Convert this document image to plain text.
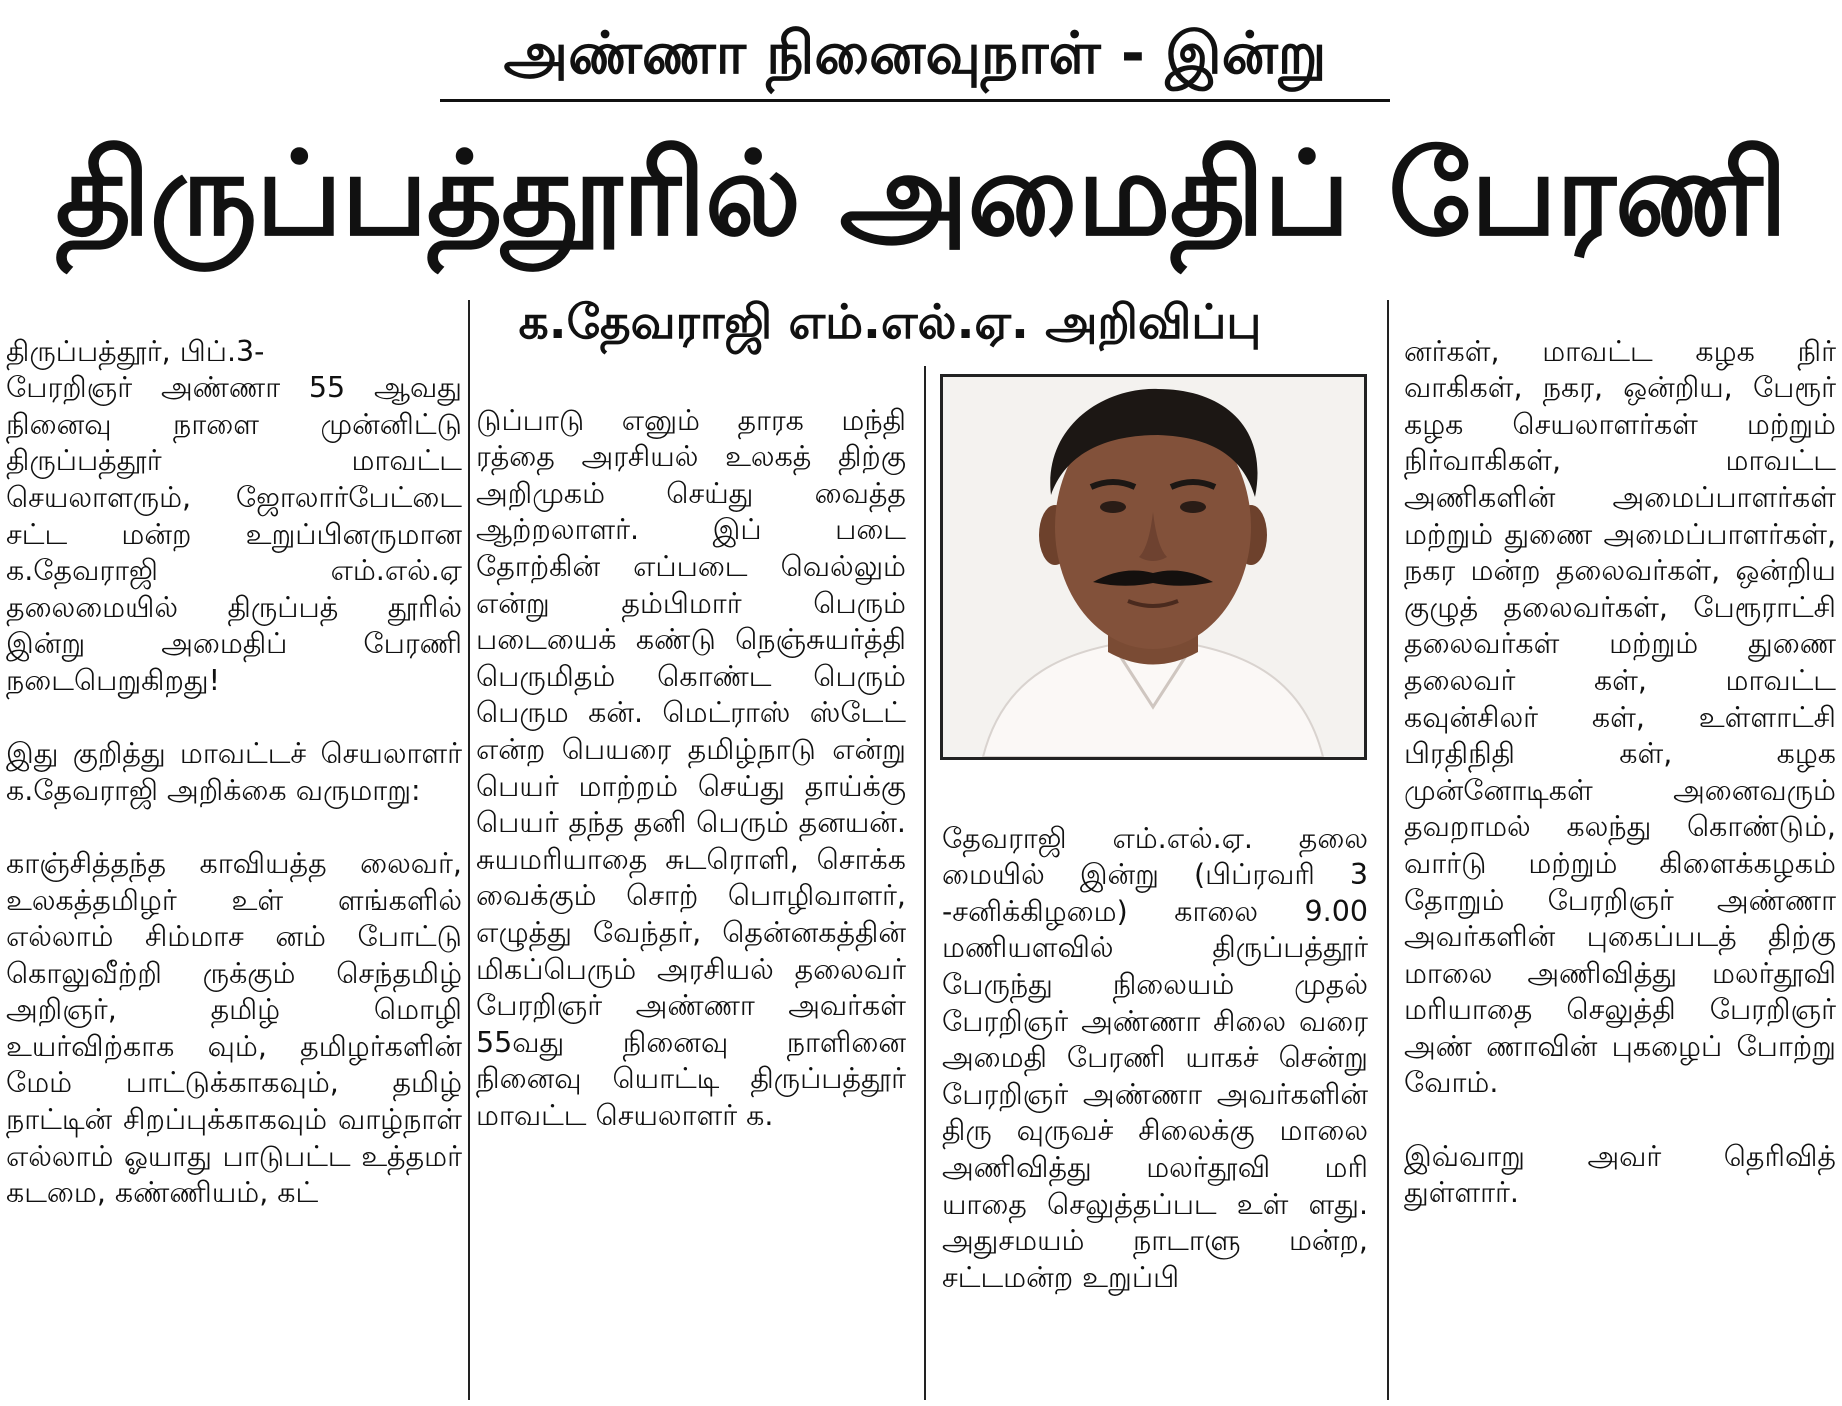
அண்ணா நினைவுநாள் - இன்று
திருப்பத்தூரில் அமைதிப் பேரணி
க.தேவராஜி எம்.எல்.ஏ. அறிவிப்பு

திருப்பத்தூர், பிப்.3-
பேரறிஞர் அண்ணா 55 ஆவது நினைவு நாளை முன்னிட்டு திருப்பத்தூர் மாவட்ட செயலாளரும், ஜோலார்பேட்டை சட்ட மன்ற உறுப்பினருமான க.தேவராஜி எம்.எல்.ஏ தலைமையில் திருப்பத் தூரில் இன்று அமைதிப் பேரணி நடைபெறுகிறது!

இது குறித்து மாவட்டச் செயலாளர் க.தேவராஜி அறிக்கை வருமாறு:

காஞ்சித்தந்த காவியத்த லைவர், உலகத்தமிழர் உள் ளங்களில் எல்லாம் சிம்மாச னம் போட்டு கொலுவீற்றி ருக்கும் செந்தமிழ் அறிஞர், தமிழ் மொழி உயர்விற்காக வும், தமிழர்களின் மேம் பாட்டுக்காகவும், தமிழ் நாட்டின் சிறப்புக்காகவும் வாழ்நாள் எல்லாம் ஓயாது பாடுபட்ட உத்தமர் கடமை, கண்ணியம், கட்

டுப்பாடு எனும் தாரக மந்தி ரத்தை அரசியல் உலகத் திற்கு அறிமுகம் செய்து வைத்த ஆற்றலாளர். இப் படை தோற்கின் எப்படை வெல்லும் என்று தம்பிமார் பெரும் படையைக் கண்டு நெஞ்சுயர்த்தி பெருமிதம் கொண்ட பெரும் பெரும கன். மெட்ராஸ் ஸ்டேட் என்ற பெயரை தமிழ்நாடு என்று பெயர் மாற்றம் செய்து தாய்க்கு பெயர் தந்த தனி பெரும் தனயன். சுயமரியாதை சுடரொளி, சொக்க வைக்கும் சொற் பொழிவாளர், எழுத்து வேந்தர், தென்னகத்தின் மிகப்பெரும் அரசியல் தலைவர் பேரறிஞர் அண்ணா அவர்கள் 55வது நினைவு நாளினை நினைவு யொட்டி திருப்பத்தூர் மாவட்ட செயலாளர் க.

தேவராஜி எம்.எல்.ஏ. தலை மையில் இன்று (பிப்ரவரி 3 -சனிக்கிழமை) காலை 9.00 மணியளவில் திருப்பத்தூர் பேருந்து நிலையம் முதல் பேரறிஞர் அண்ணா சிலை வரை அமைதி பேரணி யாகச் சென்று பேரறிஞர் அண்ணா அவர்களின் திரு வுருவச் சிலைக்கு மாலை அணிவித்து மலர்தூவி மரி யாதை செலுத்தப்பட உள் ளது. அதுசமயம் நாடாளு மன்ற, சட்டமன்ற உறுப்பி

னர்கள், மாவட்ட கழக நிர் வாகிகள், நகர, ஒன்றிய, பேரூர் கழக செயலாளர்கள் மற்றும் நிர்வாகிகள், மாவட்ட அணிகளின் அமைப்பாளர்கள் மற்றும் துணை அமைப்பாளர்கள், நகர மன்ற தலைவர்கள், ஒன்றிய குழுத் தலைவர்கள், பேரூராட்சி தலைவர்கள் மற்றும் துணை தலைவர் கள், மாவட்ட கவுன்சிலர் கள், உள்ளாட்சி பிரதிநிதி கள், கழக முன்னோடிகள் அனைவரும் தவறாமல் கலந்து கொண்டும், வார்டு மற்றும் கிளைக்கழகம் தோறும் பேரறிஞர் அண்ணா அவர்களின் புகைப்படத் திற்கு மாலை அணிவித்து மலர்தூவி மரியாதை செலுத்தி பேரறிஞர் அண் ணாவின் புகழைப் போற்று வோம்.

இவ்வாறு அவர் தெரிவித் துள்ளார்.
